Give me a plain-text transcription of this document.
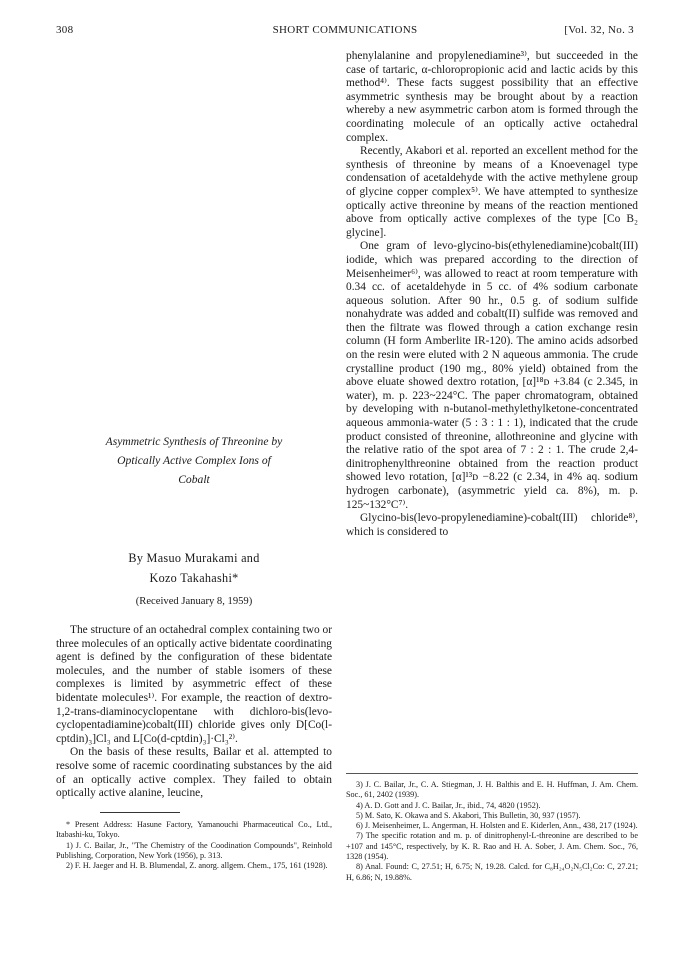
308	SHORT COMMUNICATIONS	[Vol. 32, No. 3
Asymmetric Synthesis of Threonine by
Optically Active Complex Ions of
Cobalt
By Masuo Murakami and
Kozo Takahashi*
(Received January 8, 1959)

The structure of an octahedral complex containing two or three molecules of an optically active bidentate coordinating agent is defined by the configuration of these bidentate molecules, and the number of stable isomers of these complexes is limited by asymmetric effect of these bidentate molecules¹⁾. For example, the reaction of dextro-1,2-trans-diaminocyclopentane with dichloro-bis(levo-cyclopentadiamine)cobalt(III) chloride gives only D[Co(l-cptdin)₃]Cl₃ and L[Co(d-cptdin)₃]·Cl₃²⁾.

On the basis of these results, Bailar et al. attempted to resolve some of racemic coordinating substances by the aid of an optically active complex. They failed to obtain optically active alanine, leucine,

* Present Address: Hasune Factory, Yamanouchi Pharmaceutical Co., Ltd., Itabashi-ku, Tokyo.

1) J. C. Bailar, Jr., "The Chemistry of the Coodination Compounds", Reinhold Publishing, Corporation, New York (1956), p. 313.

2) F. H. Jaeger and H. B. Blumendal, Z. anorg. allgem. Chem., 175, 161 (1928).

phenylalanine and propylenediamine³⁾, but succeeded in the case of tartaric, α-chloropropionic acid and lactic acids by this method⁴⁾. These facts suggest possibility that an effective asymmetric synthesis may be brought about by a reaction whereby a new asymmetric carbon atom is formed through the coordinating molecule of an optically active octahedral complex.

Recently, Akabori et al. reported an excellent method for the synthesis of threonine by means of a Knoevenagel type condensation of acetaldehyde with the active methylene group of glycine copper complex⁵⁾. We have attempted to synthesize optically active threonine by means of the reaction mentioned above from optically active complexes of the type [Co B₂ glycine].

One gram of levo-glycino-bis(ethylenediamine)cobalt(III) iodide, which was prepared according to the direction of Meisenheimer⁶⁾, was allowed to react at room temperature with 0.34 cc. of acetaldehyde in 5 cc. of 4% sodium carbonate aqueous solution. After 90 hr., 0.5 g. of sodium sulfide nonahydrate was added and cobalt(II) sulfide was removed and then the filtrate was flowed through a cation exchange resin column (H form Amberlite IR-120). The amino acids adsorbed on the resin were eluted with 2 N aqueous ammonia. The crude crystalline product (190 mg., 80% yield) obtained from the above eluate showed dextro rotation, [α]¹⁸ᴅ +3.84 (c 2.345, in water), m. p. 223~224°C. The paper chromatogram, obtained by developing with n-butanol-methylethylketone-concentrated aqueous ammonia-water (5 : 3 : 1 : 1), indicated that the crude product consisted of threonine, allothreonine and glycine with the relative ratio of the spot area of 7 : 2 : 1. The crude 2,4-dinitrophenylthreonine obtained from the reaction product showed levo rotation, [α]¹³ᴅ −8.22 (c 2.34, in 4% aq. sodium hydrogen carbonate), (asymmetric yield ca. 8%), m. p. 125~132°C⁷⁾.

Glycino-bis(levo-propylenediamine)-cobalt(III) chloride⁸⁾, which is considered to

3) J. C. Bailar, Jr., C. A. Stiegman, J. H. Balthis and E. H. Huffman, J. Am. Chem. Soc., 61, 2402 (1939).

4) A. D. Gott and J. C. Bailar, Jr., ibid., 74, 4820 (1952).

5) M. Sato, K. Okawa and S. Akabori, This Bulletin, 30, 937 (1957).

6) J. Meisenheimer, L. Angerman, H. Holsten and E. Kiderlen, Ann., 438, 217 (1924).

7) The specific rotation and m. p. of dinitrophenyl-L-threonine are described to be +107 and 145°C, respectively, by K. R. Rao and H. A. Sober, J. Am. Chem. Soc., 76, 1328 (1954).

8) Anal. Found: C, 27.51; H, 6.75; N, 19.28. Calcd. for C₈H₂₄O₂N₅Cl₂Co: C, 27.21; H, 6.86; N, 19.88%.
